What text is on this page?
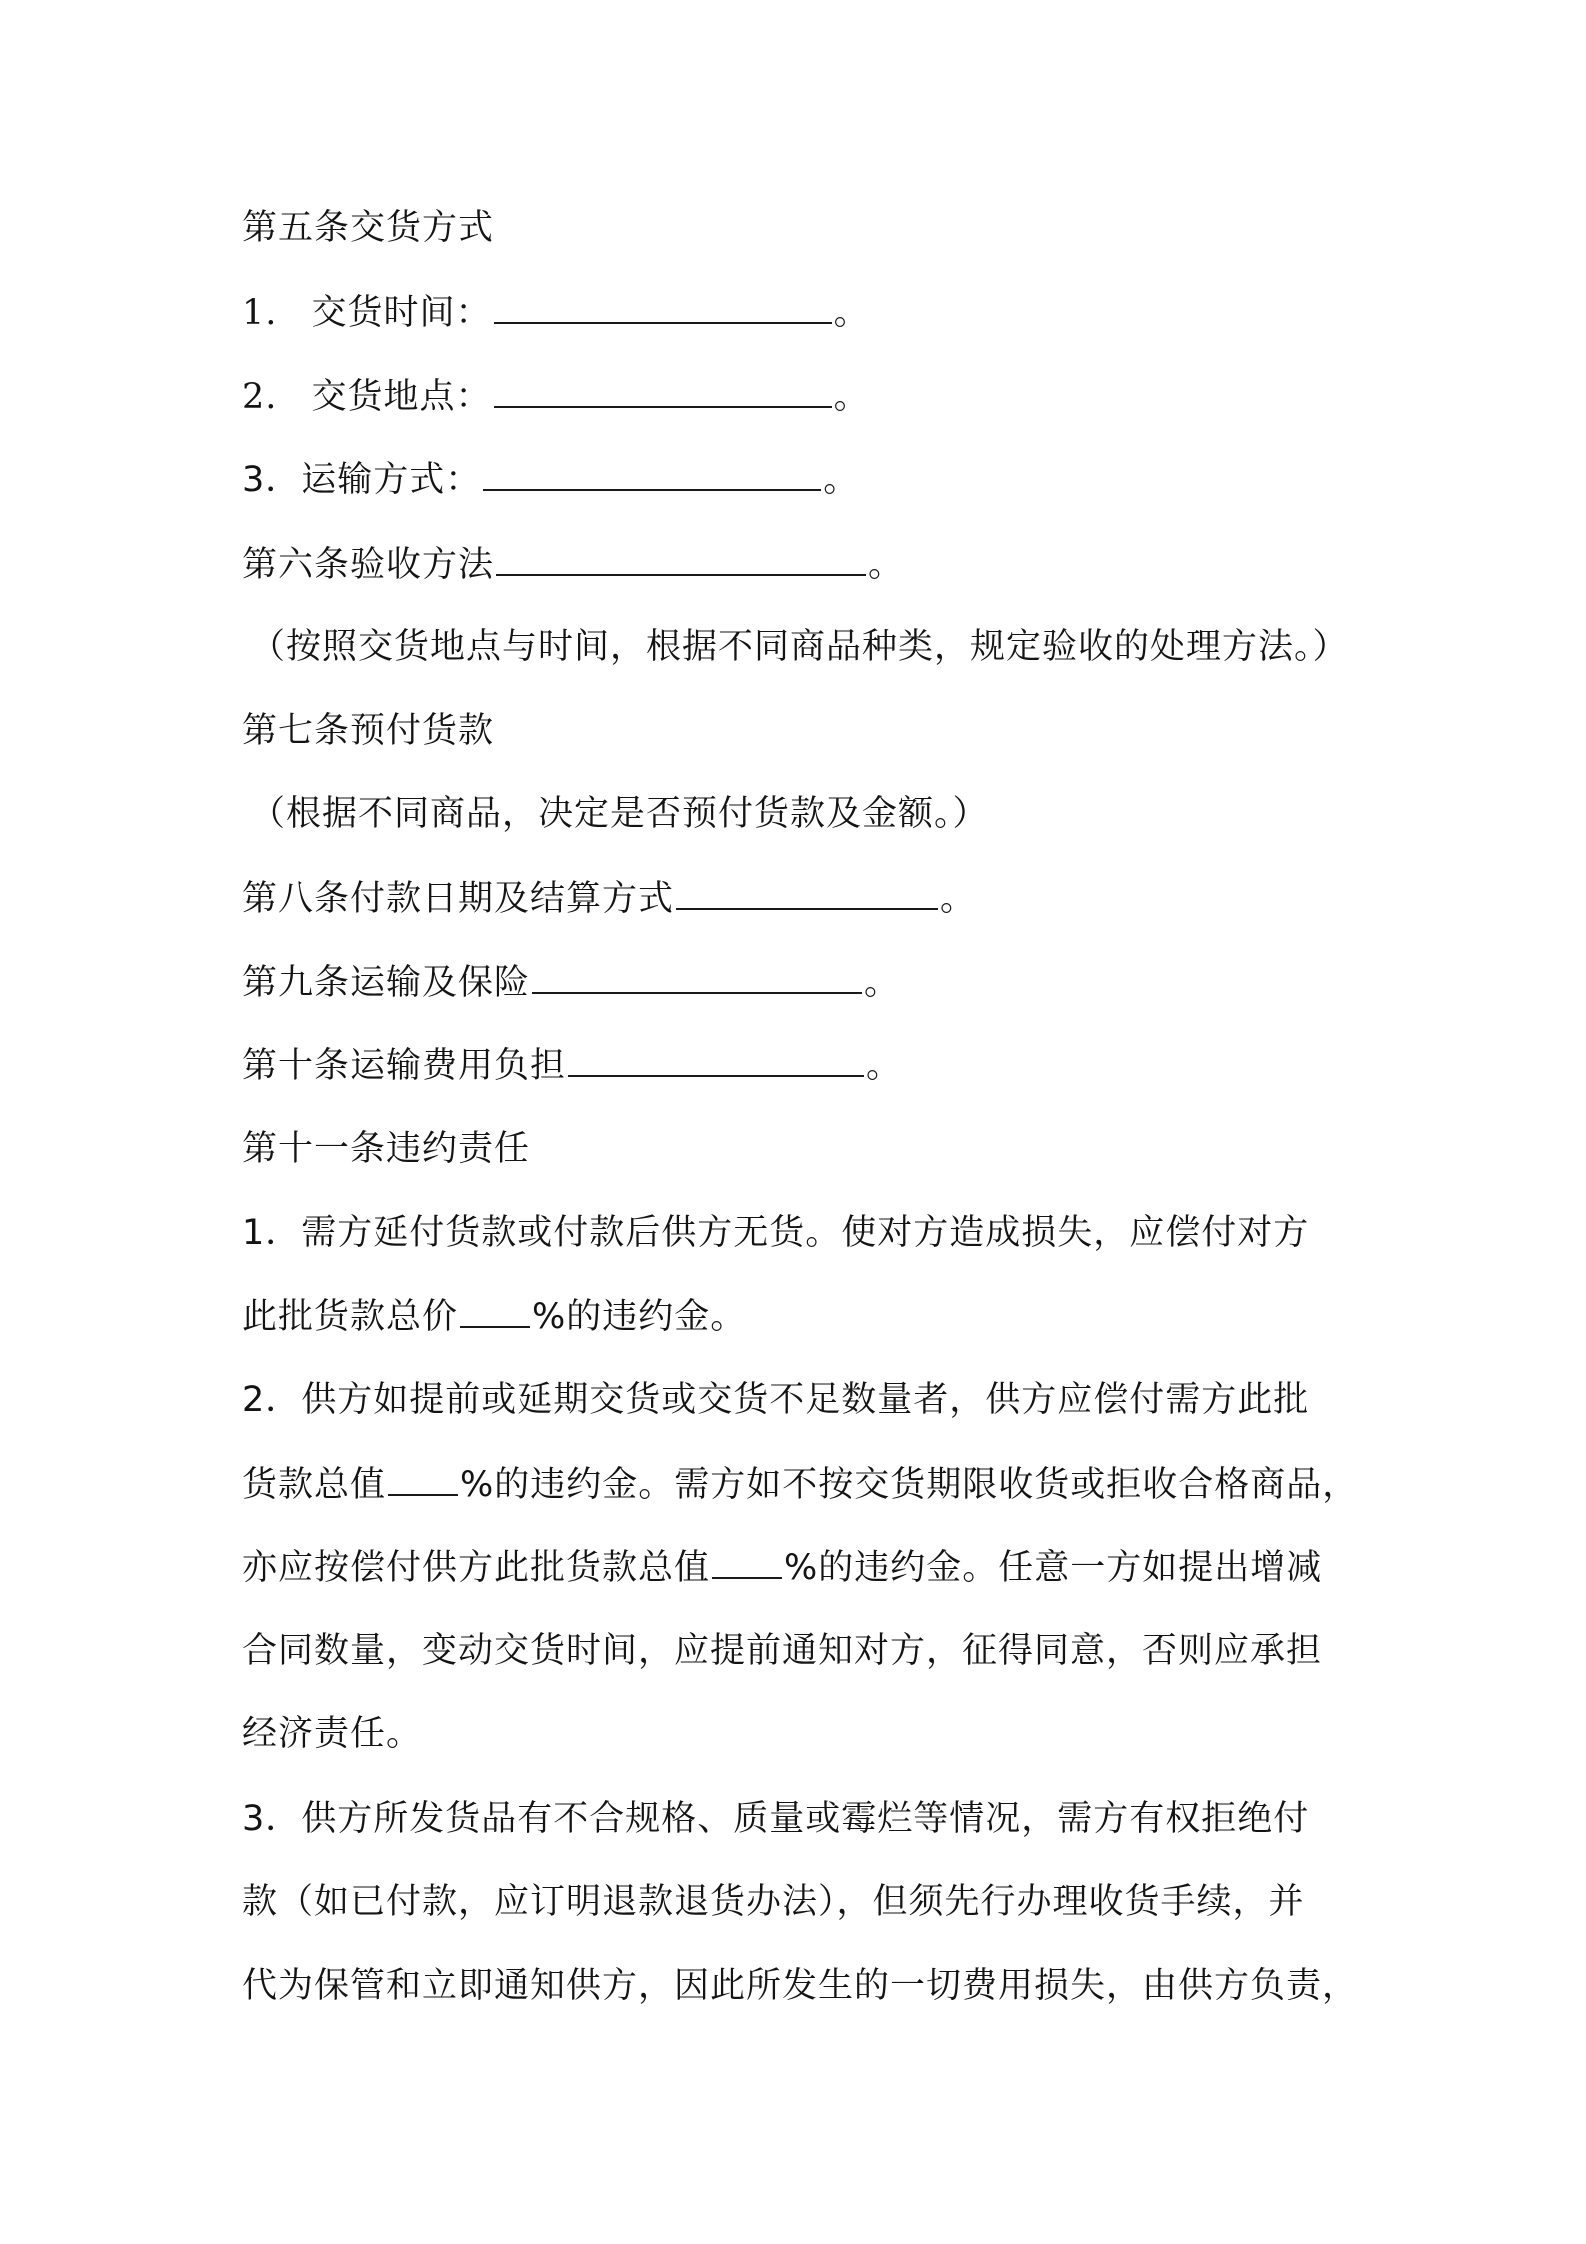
第五条交货方式
1. 交货时间：	。
2. 交货地点：	。
3．运输方式：	。
第六条验收方法	。
（按照交货地点与时间，根据不同商品种类，规定验收的处理方法。）
第七条预付货款
（根据不同商品，决定是否预付货款及金额。）
第八条付款日期及结算方式	。
第九条运输及保险	。
第十条运输费用负担	。
第十一条违约责任
1．需方延付货款或付款后供方无货。使对方造成损失，应偿付对方
此批货款总价 %的违约金。
2．供方如提前或延期交货或交货不足数量者，供方应偿付需方此批
货款总值 %的违约金。需方如不按交货期限收货或拒收合格商品，
亦应按偿付供方此批货款总值 %的违约金。任意一方如提出增减
合同数量，变动交货时间，应提前通知对方，征得同意，否则应承担
经济责任。
3．供方所发货品有不合规格、质量或霉烂等情况，需方有权拒绝付
款（如已付款，应订明退款退货办法），但须先行办理收货手续，并
代为保管和立即通知供方，因此所发生的一切费用损失，由供方负责，
